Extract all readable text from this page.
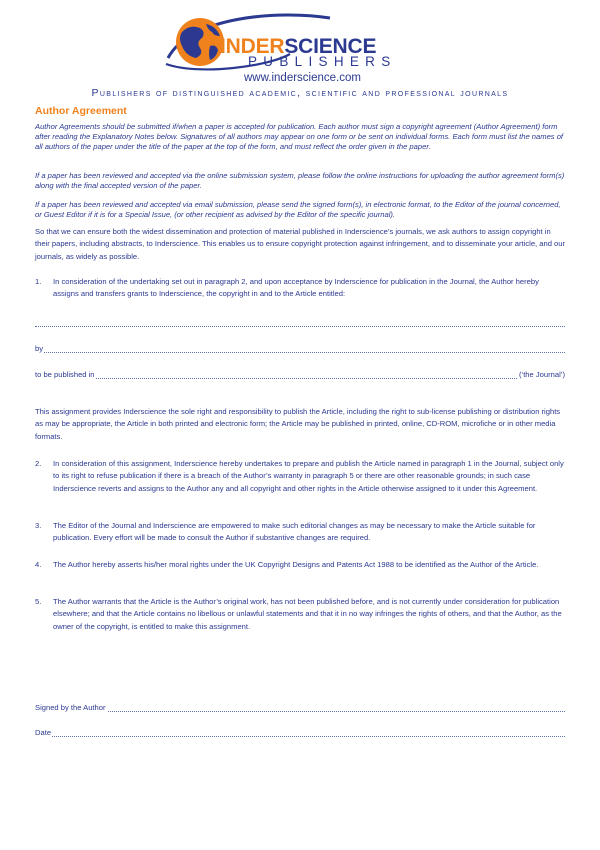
INDERSCIENCE
PUBLISHERS
www.inderscience.com
Publishers of distinguished academic, scientific and professional journals
Author Agreement
Author Agreements should be submitted if/when a paper is accepted for publication. Each author must sign a copyright agreement (Author Agreement) form after reading the Explanatory Notes below. Signatures of all authors may appear on one form or be sent on individual forms. Each form must list the names of all authors of the paper under the title of the paper at the top of the form, and must reflect the order given in the paper.
If a paper has been reviewed and accepted via the online submission system, please follow the online instructions for uploading the author agreement form(s) along with the final accepted version of the paper.
If a paper has been reviewed and accepted via email submission, please send the signed form(s), in electronic format, to the Editor of the journal concerned, or Guest Editor if it is for a Special Issue, (or other recipient as advised by the Editor of the specific journal).
So that we can ensure both the widest dissemination and protection of material published in Inderscience’s journals, we ask authors to assign copyright in their papers, including abstracts, to Inderscience. This enables us to ensure copyright protection against infringement, and to disseminate your article, and our journals, as widely as possible.
1. In consideration of the undertaking set out in paragraph 2, and upon acceptance by Inderscience for publication in the Journal, the Author hereby assigns and transfers grants to Inderscience, the copyright in and to the Article entitled:
by
to be published in	(‘the Journal’)
This assignment provides Inderscience the sole right and responsibility to publish the Article, including the right to sub-license publishing or distribution rights as may be appropriate, the Article in both printed and electronic form; the Article may be published in printed, online, CD-ROM, microfiche or in other media formats.
2. In consideration of this assignment, Inderscience hereby undertakes to prepare and publish the Article named in paragraph 1 in the Journal, subject only to its right to refuse publication if there is a breach of the Author’s warranty in paragraph 5 or there are other reasonable grounds; in such case Inderscience reverts and assigns to the Author any and all copyright and other rights in the Article otherwise assigned to it under this Agreement.
3. The Editor of the Journal and Inderscience are empowered to make such editorial changes as may be necessary to make the Article suitable for publication. Every effort will be made to consult the Author if substantive changes are required.
4. The Author hereby asserts his/her moral rights under the UK Copyright Designs and Patents Act 1988 to be identified as the Author of the Article.
5. The Author warrants that the Article is the Author’s original work, has not been published before, and is not currently under consideration for publication elsewhere; and that the Article contains no libellous or unlawful statements and that it in no way infringes the rights of others, and that the Author, as the owner of the copyright, is entitled to make this assignment.
Signed by the Author
Date
